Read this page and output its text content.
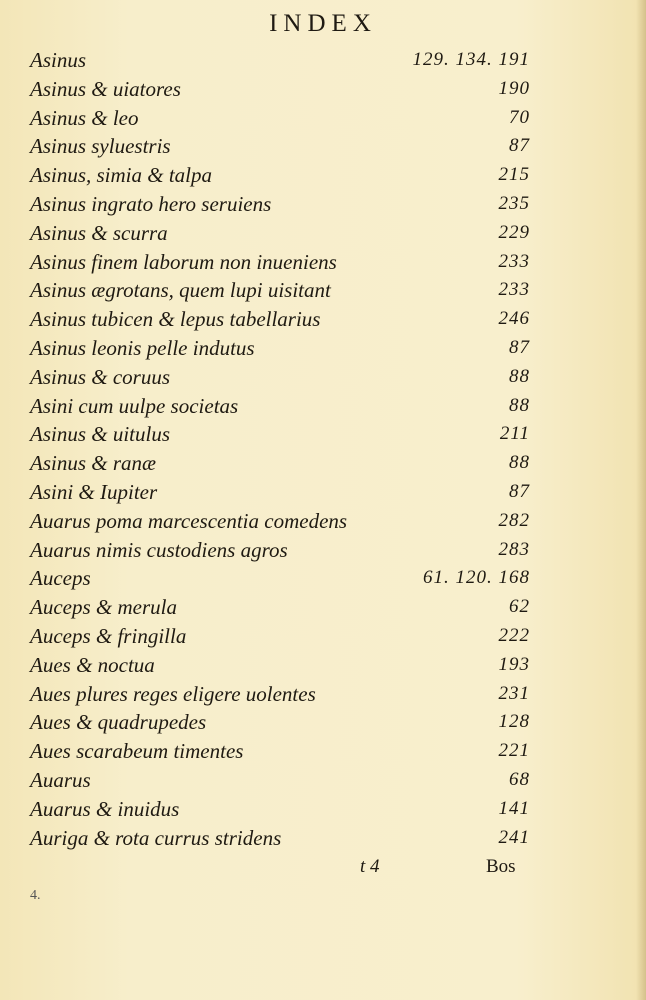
INDEX
Asinus	129. 134. 191
Asinus & uiatores	190
Asinus & leo	70
Asinus syluestris	87
Asinus, simia & talpa	215
Asinus ingrato hero seruiens	235
Asinus & scurra	229
Asinus finem laborum non inueniens	233
Asinus ægrotans, quem lupi uisitant	233
Asinus tubicen & lepus tabellarius	246
Asinus leonis pelle indutus	87
Asinus & coruus	88
Asini cum uulpe societas	88
Asinus & uitulus	211
Asinus & ranæ	88
Asini & Iupiter	87
Auarus poma marcescentia comedens	282
Auarus nimis custodiens agros	283
Auceps	61. 120. 168
Auceps & merula	62
Auceps & fringilla	222
Aues & noctua	193
Aues plures reges eligere uolentes	231
Aues & quadrupedes	128
Aues scarabeum timentes	221
Auarus	68
Auarus & inuidus	141
Auriga & rota currus stridens	241
t 4	Bos
4.
